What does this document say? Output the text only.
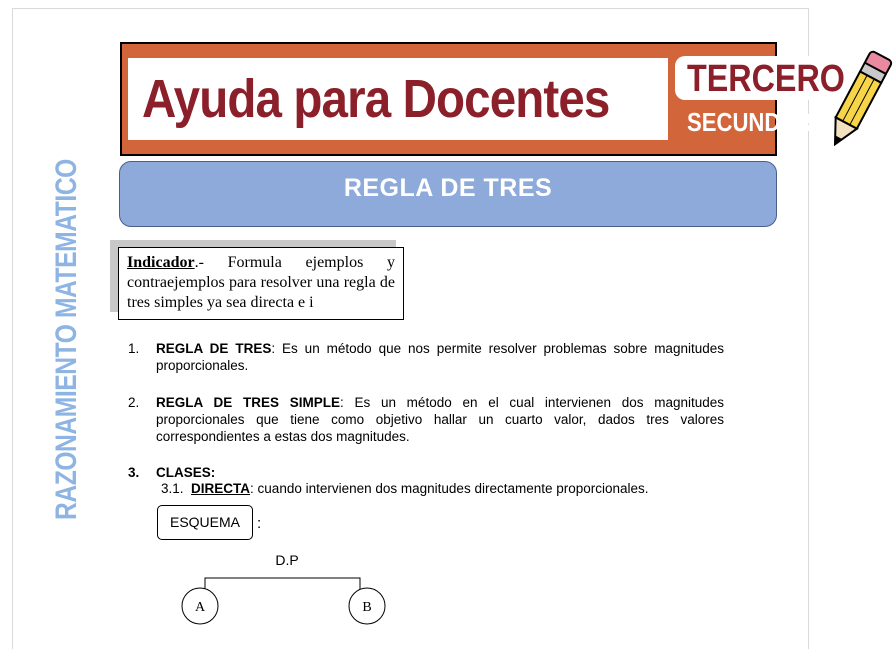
Ayuda para Docentes TERCERO
SECUNDARIA
REGLA DE TRES
RAZONAMIENTO MATEMATICO	Indicador.- Formula ejemplos y contraejemplos para resolver una regla de tres simples ya sea directa e i
1. REGLA DE TRES: Es un método que nos permite resolver problemas sobre magnitudes proporcionales.
2. REGLA DE TRES SIMPLE: Es un método en el cual intervienen dos magnitudes proporcionales que tiene como objetivo hallar un cuarto valor, dados tres valores correspondientes a estas dos magnitudes.
3. CLASES:
3.1. DIRECTA: cuando intervienen dos magnitudes directamente proporcionales.
ESQUEMA	:
D.P
A	B
